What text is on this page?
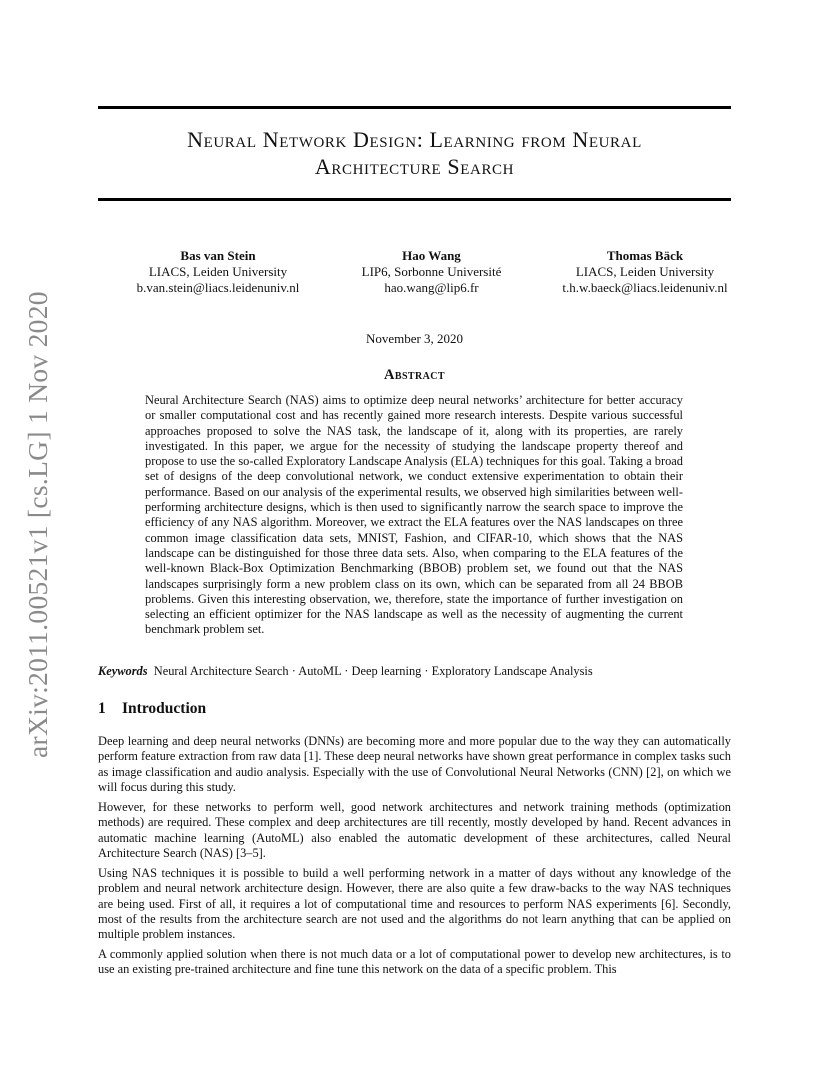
arXiv:2011.00521v1 [cs.LG] 1 Nov 2020
Neural Network Design: Learning from Neural
Architecture Search
Bas van Stein
LIACS, Leiden University
b.van.stein@liacs.leidenuniv.nl
Hao Wang
LIP6, Sorbonne Université
hao.wang@lip6.fr
Thomas Bäck
LIACS, Leiden University
t.h.w.baeck@liacs.leidenuniv.nl
November 3, 2020
Abstract

Neural Architecture Search (NAS) aims to optimize deep neural networks’ architecture for better accuracy or smaller computational cost and has recently gained more research interests. Despite various successful approaches proposed to solve the NAS task, the landscape of it, along with its properties, are rarely investigated. In this paper, we argue for the necessity of studying the landscape property thereof and propose to use the so-called Exploratory Landscape Analysis (ELA) techniques for this goal. Taking a broad set of designs of the deep convolutional network, we conduct extensive experimentation to obtain their performance. Based on our analysis of the experimental results, we observed high similarities between well-performing architecture designs, which is then used to significantly narrow the search space to improve the efficiency of any NAS algorithm. Moreover, we extract the ELA features over the NAS landscapes on three common image classification data sets, MNIST, Fashion, and CIFAR-10, which shows that the NAS landscape can be distinguished for those three data sets. Also, when comparing to the ELA features of the well-known Black-Box Optimization Benchmarking (BBOB) problem set, we found out that the NAS landscapes surprisingly form a new problem class on its own, which can be separated from all 24 BBOB problems. Given this interesting observation, we, therefore, state the importance of further investigation on selecting an efficient optimizer for the NAS landscape as well as the necessity of augmenting the current benchmark problem set.

Keywords Neural Architecture Search · AutoML · Deep learning · Exploratory Landscape Analysis

1 Introduction

Deep learning and deep neural networks (DNNs) are becoming more and more popular due to the way they can automatically perform feature extraction from raw data [1]. These deep neural networks have shown great performance in complex tasks such as image classification and audio analysis. Especially with the use of Convolutional Neural Networks (CNN) [2], on which we will focus during this study.

However, for these networks to perform well, good network architectures and network training methods (optimization methods) are required. These complex and deep architectures are till recently, mostly developed by hand. Recent advances in automatic machine learning (AutoML) also enabled the automatic development of these architectures, called Neural Architecture Search (NAS) [3–5].

Using NAS techniques it is possible to build a well performing network in a matter of days without any knowledge of the problem and neural network architecture design. However, there are also quite a few draw-backs to the way NAS techniques are being used. First of all, it requires a lot of computational time and resources to perform NAS experiments [6]. Secondly, most of the results from the architecture search are not used and the algorithms do not learn anything that can be applied on multiple problem instances.

A commonly applied solution when there is not much data or a lot of computational power to develop new architectures, is to use an existing pre-trained architecture and fine tune this network on the data of a specific problem. This
